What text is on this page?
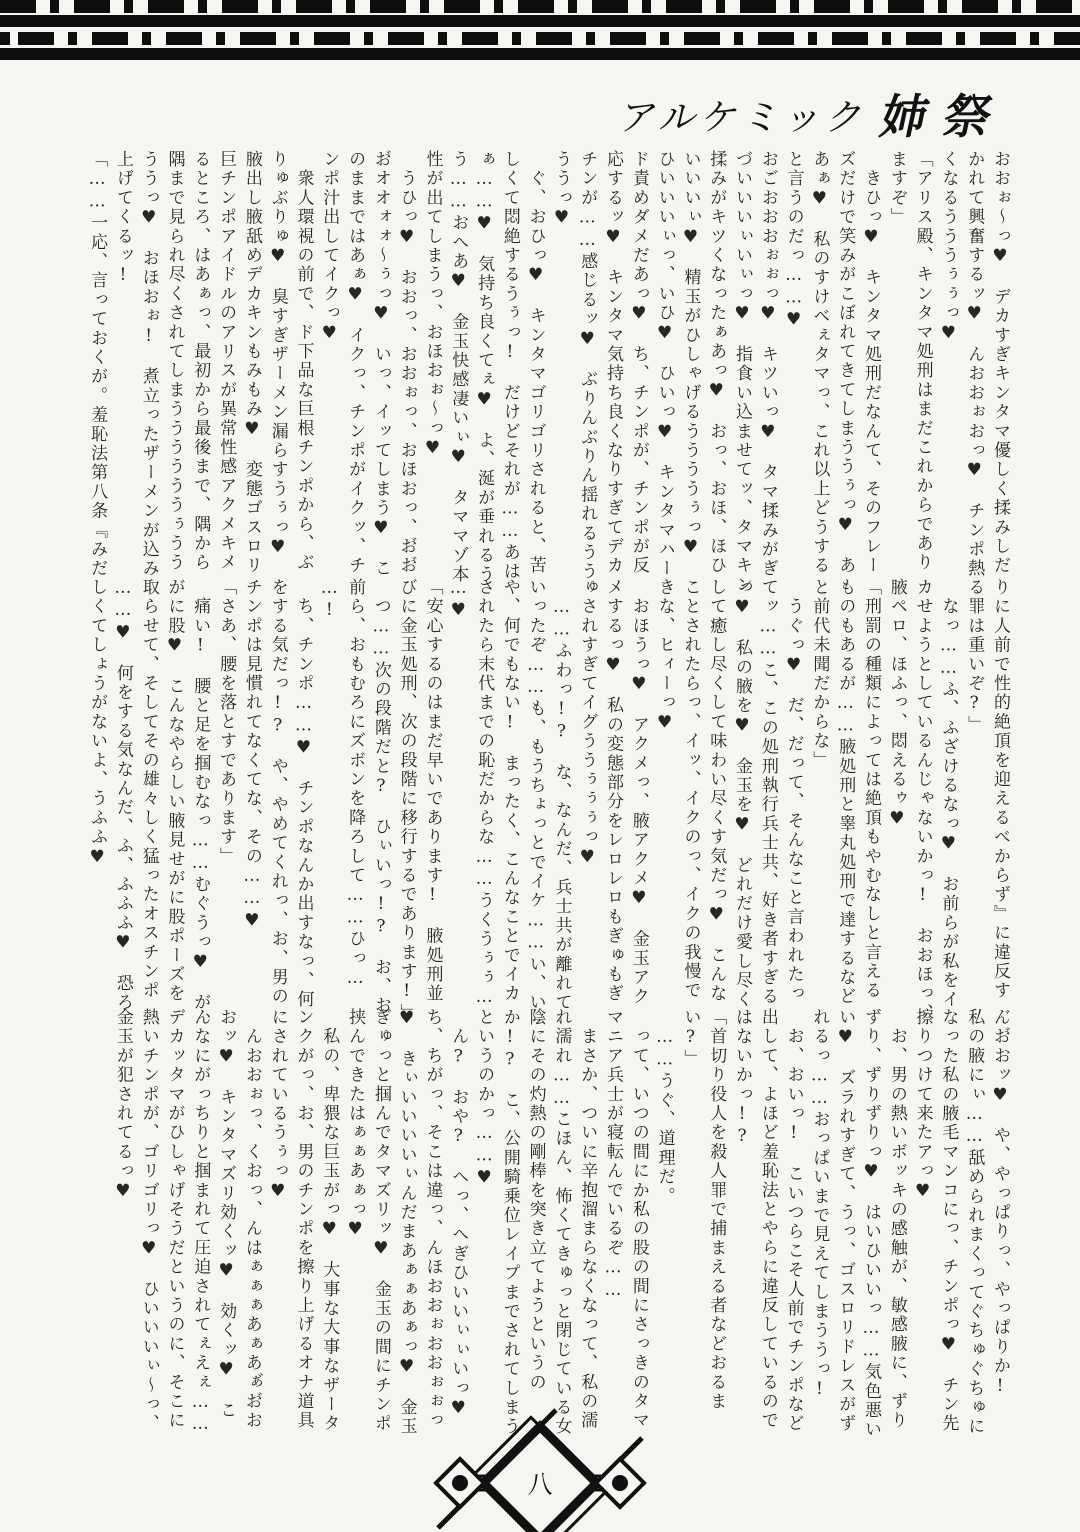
アルケミック 姉祭
おおぉ〜っ♥　デカすぎキンタマ優しく揉みしだ
かれて興奮するッ♥　んおおぉおっ♥　チンポ熱
くなるうううぅぅっ♥
「アリス殿、キンタマ処刑はまだこれからであり
ますぞ」
　きひっ♥　キンタマ処刑だなんて、そのフレー
ズだけで笑みがこぼれてきてしまううぅっ♥　あ
あぁ♥　私のすけべぇタマっ、これ以上どうする
と言うのだっ……♥
おごおおおぉぉっ♥　キツいっ♥　タマ揉みがぎ
づいいいぃいぃっ♥　指食い込ませてッ、タマキン
揉みがキツくなったぁあっ♥　おっ、おほ、ほひ
いいいぃ♥　精玉がひしゃげるううううぅっ♥
ひいいいぃっ、いひ♥　ひいっ♥　キンタマハー
ド責めダメだあっ♥　ち、チンポが、チンポが反
応するッ♥　キンタマ気持ち良くなりすぎてデカ
チンが……感じるッ♥　ぶりんぶりん揺れるうう
ううっ♥
　ぐ、おひっ♥　キンタマゴリゴリされると、苦
しくて悶絶するうぅっ!　だけどそれが……あは
ぁ……♥　気持ち良くてぇ♥　よ、涎が垂れるう
う……おへあ♥　金玉快感凄いぃ♥　タママゾ本
性が出てしまうっ、おほおぉ〜っ♥
　うひっ♥　おおっ、おおぉっ、おほおっ、お゙お゙
お゙オオォォ〜ぅっ♥　いっ、イッてしまう♥　こ
のままではあぁ♥　イクっ、チンポがイクッ、チ
ンポ汁出してイクっ♥
　衆人環視の前で、ド下品な巨根チンポから、ぶ
りゅぶりゅ♥　臭すぎザーメン漏らすうぅっ♥
腋出し腋舐めデカキンもみもみ♥　変態ゴスロリ
巨チンポアイドルのアリスが異常性感アクメキメ
るところ、はあぁっ、最初から最後まで、隅から
隅まで見られ尽くされてしまううううううぅうう
ううっ♥　おほおぉ!　煮立ったザーメンが込み
上げてくるッ!
「……一応、言っておくが。羞恥法第八条『みだ
りに人前で性的絶頂を迎えるべからず』に違反す
る罪は重いぞ?」
　なっ……ふ、ふざけるなっ♥　お前らが私をイ
カせようとしているんじゃないかっ!　おおほっ、
腋ペロ、ほふっ、悶えるゥ♥
「刑罰の種類によっては絶頂もやむなしと言える
ものもあるが……腋処刑と睾丸処刑で達するなど
と前代未聞だからな」
　うぐっ♥　だ、だって、そんなこと言われたっ
てッ……こ、この処刑執行兵士共、好き者すぎる
っ♥　私の腋を♥　金玉を♥　どれだけ愛し尽く
して癒し尽くして味わい尽くす気だっ♥　こんな
ことされたらっ、イッ、イクのっ、イクの我慢で
きな、ヒィーっ♥
　おほうっ♥　アクメっ、腋アクメ♥　金玉アク
メするっ♥　私の変態部分をレロレロもぎゅもぎ
ゅされすぎてイグううぅぅぅっ♥
　……ふわっ!?　な、なんだ、兵士共が離れて
いったぞ……も、もうちょっとでイケ……い、い
や、何でもない!　まったく、こんなことでイカ
されたら末代までの恥だからな……うくうぅぅ…
…♥
「安心するのはまだ早いであります!　腋処刑並
びに金玉処刑、次の段階に移行するであります!」
　つ……次の段階だと?　ひぃいっ!?　お、お
前ら、おもむろにズボンを降ろして……ひっ…
…!
　ち、チンポ……♥　チンポなんか出すなっ、何
をする気だっ!?　や、やめてくれっ、お、男の
チンポは見慣れてなくてな、その……♥
「さあ、腰を落とすであります」
　痛い!　腰と足を掴むなっ……むぐうっ♥　が、
がに股♥　こんなやらしい腋見せがに股ポーズを
取らせて、そしてその雄々しく猛ったオスチンポ
……♥　何をする気なんだ、ふ、ふふふ♥　恐ろ
しくてしょうがないよ、うふふ♥
ん゙お゙おッ♥　や、やっぱりっ、やっぱりか!
私の腋にぃ……舐められまくってぐちゅぐちゅに
なった私の腋毛マンコにっ、チンポっ♥　チン先
擦りつけて来たアっ♥
　お、男の熱いボッキの感触が、敏感腋に、ずり
ずり、ずりずりっ♥　はいひいいっ……気色悪い
い♥　ズラれすぎて、うっ、ゴスロリドレスがず
れるっ……おっぱいまで見えてしまううっ!
　お、おいっ!　こいつらこそ人前でチンポなど
出して、よほど羞恥法とやらに違反しているので
はないかっ!?
「首切り役人を殺人罪で捕まえる者などおるま
い?」
　……うぐ、道理だ。
　って、いつの間にか私の股の間にさっきのタマ
マニア兵士が寝転んでいるぞ……
　まさか、ついに辛抱溜まらなくなって、私の濡
れ濡れ……こほん、怖くてきゅっと閉じている女
陰にその灼熱の剛棒を突き立てようというの
か!?　こ、公開騎乗位レイプまでされてしまう
というのかっ……♥
　ん?　おや?　へっ、へぎひいいぃぃいっ♥
ち、ちがっ、そこは違っ、んほおおぉおおぉぉっ
♥　きぃいいいいぃんだまあぁぁあぁっ♥　金玉
ぎゅっと掴んでタマズリッ♥　金玉の間にチンポ
挟んできたはぁぁあぁっ♥
　私の、卑猥な巨玉がっ♥　大事な大事なザータ
ンクがっ、お、男のチンポを擦り上げるオナ道具
にされているうぅっ♥
　んおおぉっ、くおっ、んはぁぁぁあぁあぁ゙お゙お
おッ♥　キンタマズリ効くッ♥　効くッ♥　こ
んなにがっちりと掴まれて圧迫されてぇえぇ……
デカッタマがひしゃげそうだというのに、そこに
熱いチンポが、ゴリゴリっ♥　ひいいいぃ〜っ、
金玉が犯されてるっ♥
八
